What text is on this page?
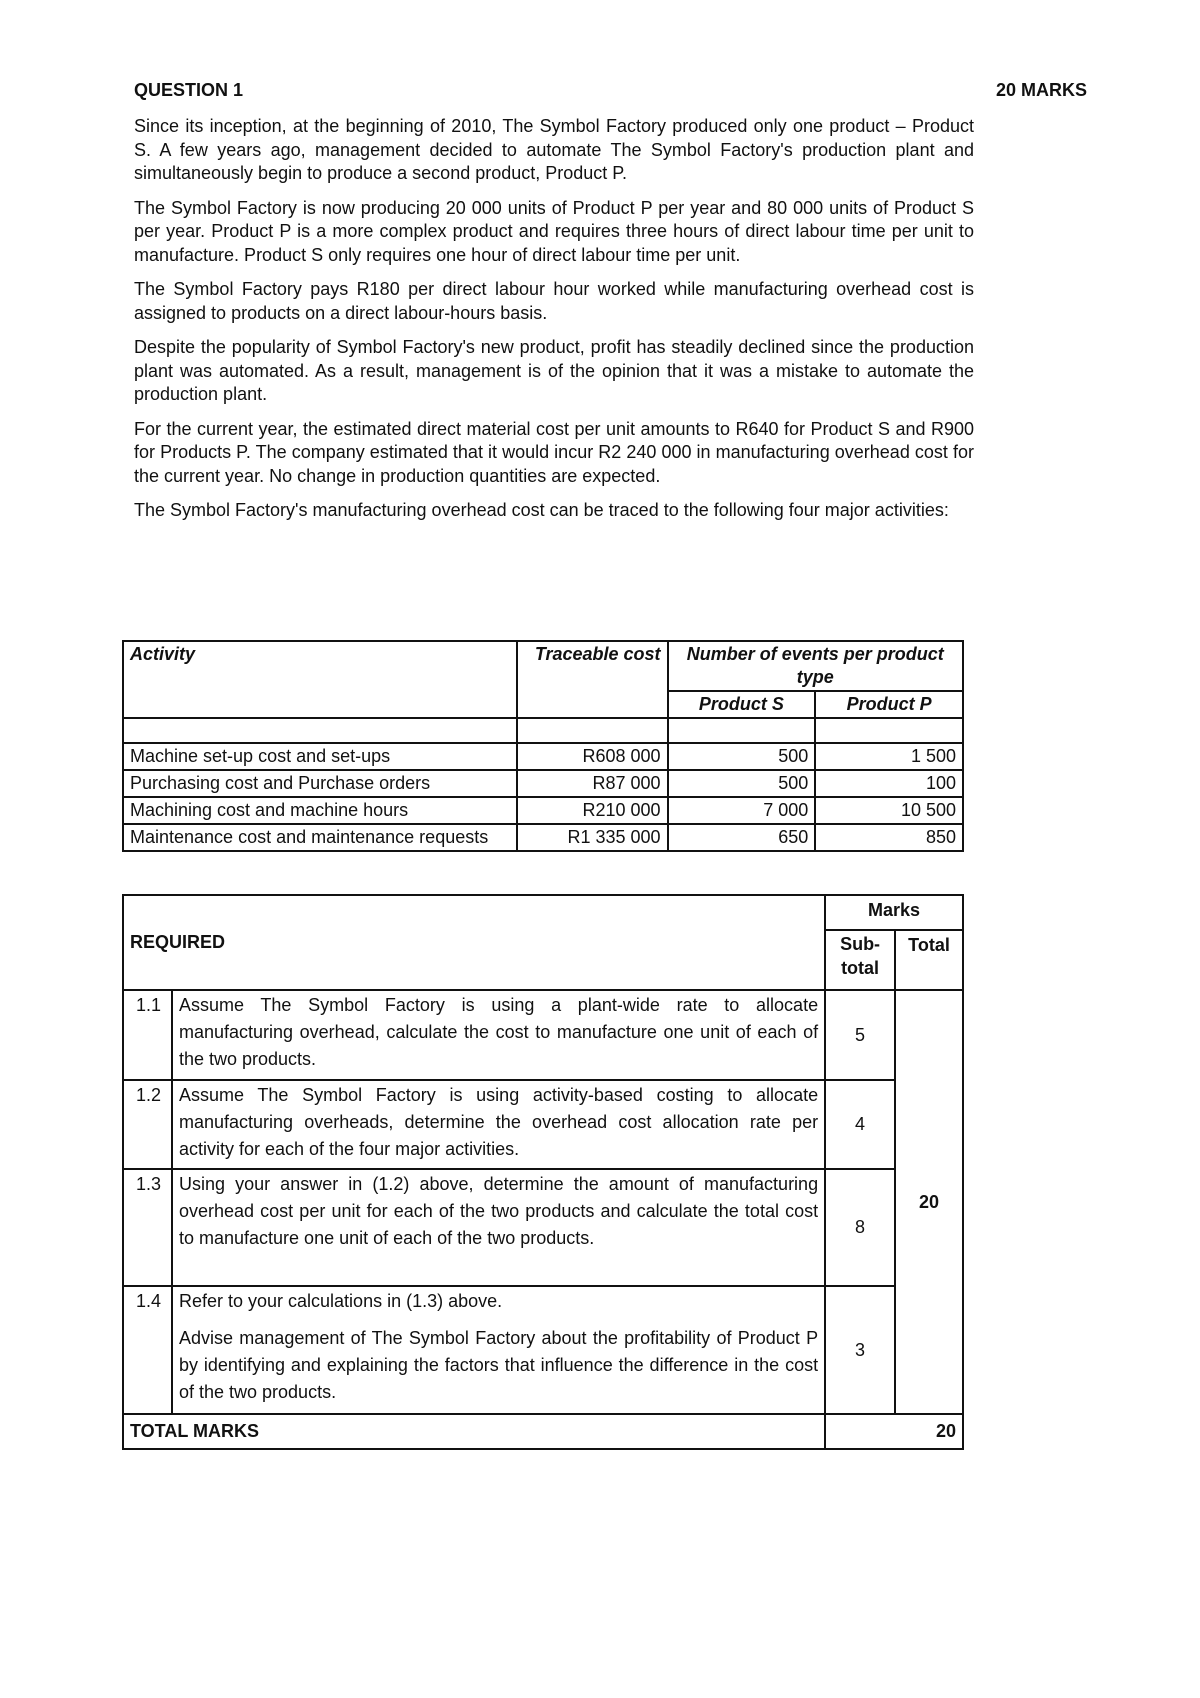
QUESTION 1	20 MARKS

Since its inception, at the beginning of 2010, The Symbol Factory produced only one product – Product S. A few years ago, management decided to automate The Symbol Factory's production plant and simultaneously begin to produce a second product, Product P.

The Symbol Factory is now producing 20 000 units of Product P per year and 80 000 units of Product S per year. Product P is a more complex product and requires three hours of direct labour time per unit to manufacture. Product S only requires one hour of direct labour time per unit.

The Symbol Factory pays R180 per direct labour hour worked while manufacturing overhead cost is assigned to products on a direct labour-hours basis.

Despite the popularity of Symbol Factory's new product, profit has steadily declined since the production plant was automated. As a result, management is of the opinion that it was a mistake to automate the production plant.

For the current year, the estimated direct material cost per unit amounts to R640 for Product S and R900 for Products P. The company estimated that it would incur R2 240 000 in manufacturing overhead cost for the current year. No change in production quantities are expected.

The Symbol Factory's manufacturing overhead cost can be traced to the following four major activities:

Activity	Traceable cost	Number of events per product type	
		Product S	Product P

Machine set-up cost and set-ups	R608 000	500	1 500
Purchasing cost and Purchase orders	R87 000	500	100
Machining cost and machine hours	R210 000	7 000	10 500
Maintenance cost and maintenance requests	R1 335 000	650	850
REQUIRED		Marks	
		Sub-total	Total
1.1	Assume The Symbol Factory is using a plant-wide rate to allocate manufacturing overhead, calculate the cost to manufacture one unit of each of the two products.	5	20
1.2	Assume The Symbol Factory is using activity-based costing to allocate manufacturing overheads, determine the overhead cost allocation rate per activity for each of the four major activities.	4	
1.3	Using your answer in (1.2) above, determine the amount of manufacturing overhead cost per unit for each of the two products and calculate the total cost to manufacture one unit of each of the two products.	8	
1.4	Refer to your calculations in (1.3) above.
Advise management of The Symbol Factory about the profitability of Product P by identifying and explaining the factors that influence the difference in the cost of the two products.	3	
TOTAL MARKS		20	
